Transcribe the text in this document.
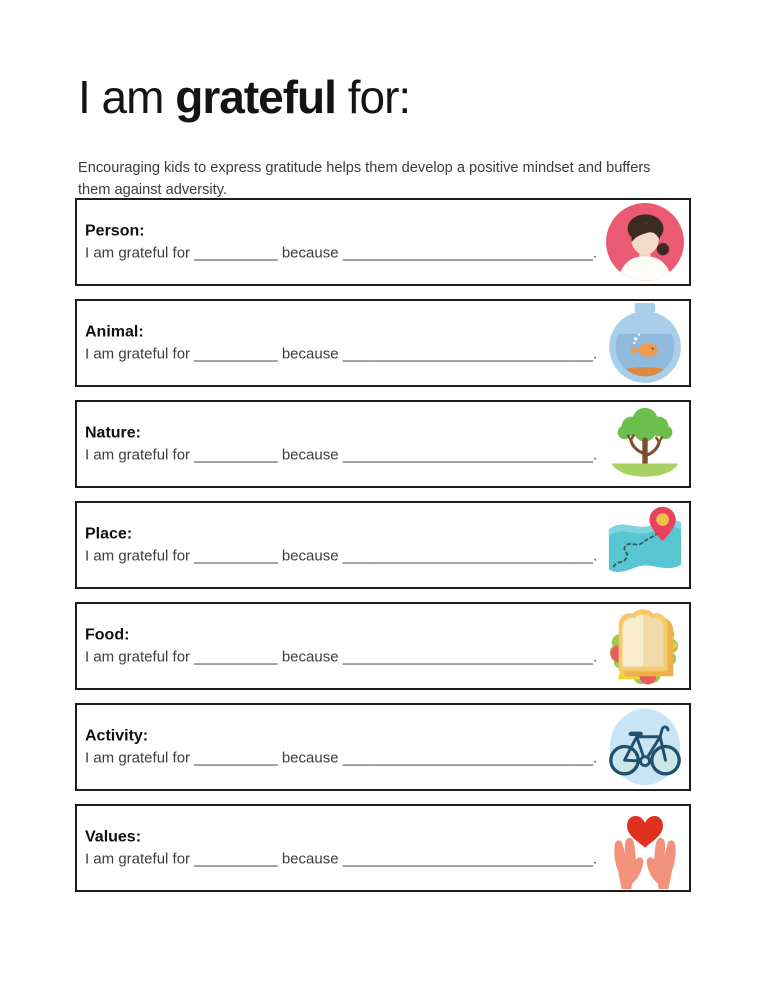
I am grateful for:

Encouraging kids to express gratitude helps them develop a positive mindset and buffers them against adversity.

Person:
I am grateful for __________ because ______________________________.
Animal:
I am grateful for __________ because ______________________________.
Nature:
I am grateful for __________ because ______________________________.
Place:
I am grateful for __________ because ______________________________.
Food:
I am grateful for __________ because ______________________________.
Activity:
I am grateful for __________ because ______________________________.
Values:
I am grateful for __________ because ______________________________.
